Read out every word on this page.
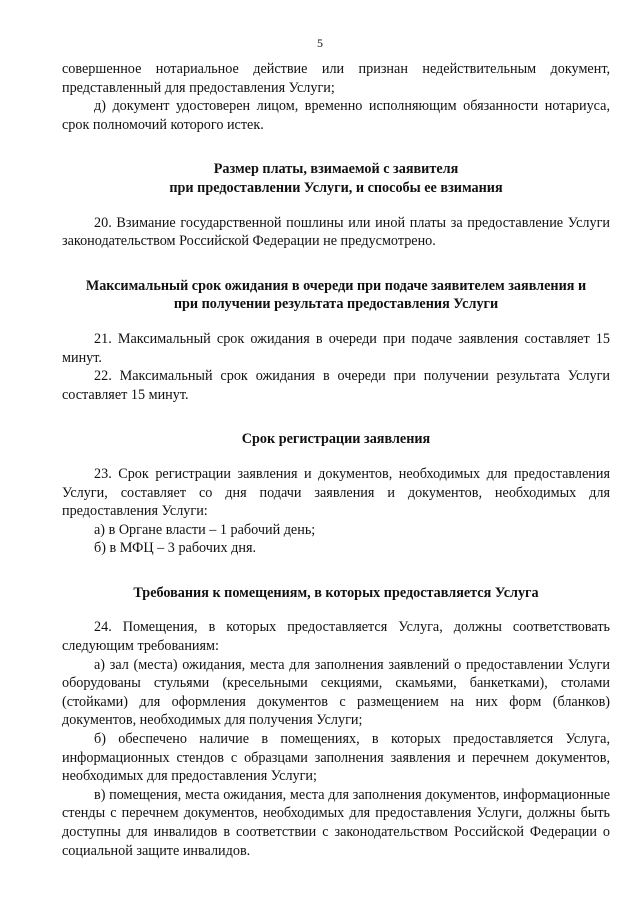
5

совершенное нотариальное действие или признан недействительным документ, представленный для предоставления Услуги;

д) документ удостоверен лицом, временно исполняющим обязанности нотариуса, срок полномочий которого истек.

Размер платы, взимаемой с заявителя
при предоставлении Услуги, и способы ее взимания

20. Взимание государственной пошлины или иной платы за предоставление Услуги законодательством Российской Федерации не предусмотрено.

Максимальный срок ожидания в очереди при подаче заявителем заявления и
при получении результата предоставления Услуги

21. Максимальный срок ожидания в очереди при подаче заявления составляет 15 минут.

22. Максимальный срок ожидания в очереди при получении результата Услуги составляет 15 минут.

Срок регистрации заявления

23. Срок регистрации заявления и документов, необходимых для предоставления Услуги, составляет со дня подачи заявления и документов, необходимых для предоставления Услуги:

а) в Органе власти – 1 рабочий день;

б) в МФЦ – 3 рабочих дня.

Требования к помещениям, в которых предоставляется Услуга

24. Помещения, в которых предоставляется Услуга, должны соответствовать следующим требованиям:

а) зал (места) ожидания, места для заполнения заявлений о предоставлении Услуги оборудованы стульями (кресельными секциями, скамьями, банкетками), столами (стойками) для оформления документов с размещением на них форм (бланков) документов, необходимых для получения Услуги;

б) обеспечено наличие в помещениях, в которых предоставляется Услуга, информационных стендов с образцами заполнения заявления и перечнем документов, необходимых для предоставления Услуги;

в) помещения, места ожидания, места для заполнения документов, информационные стенды с перечнем документов, необходимых для предоставления Услуги, должны быть доступны для инвалидов в соответствии с законодательством Российской Федерации о социальной защите инвалидов.
